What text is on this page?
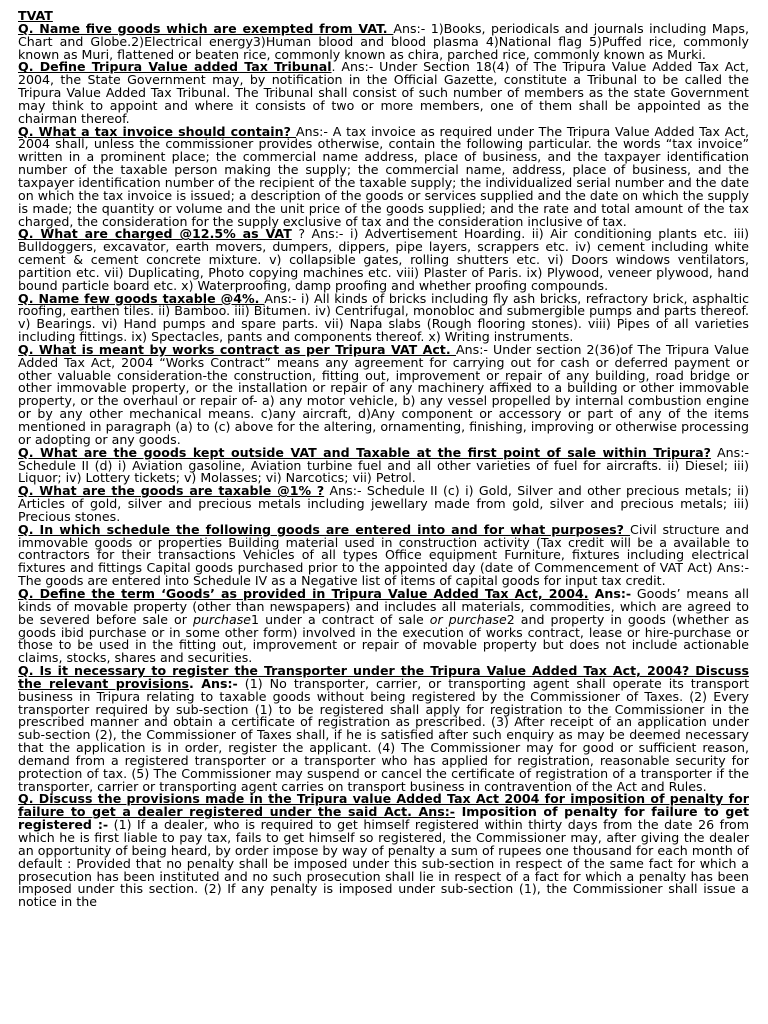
TVAT

Q. Name five goods which are exempted from VAT. Ans:- 1)Books, periodicals and journals including Maps, Chart and Globe.2)Electrical energy3)Human blood and blood plasma 4)National flag 5)Puffed rice, commonly known as Muri, flattened or beaten rice, commonly known as chira, parched rice, commonly known as Murki.

Q. Define Tripura Value added Tax Tribunal. Ans:- Under Section 18(4) of The Tripura Value Added Tax Act, 2004, the State Government may, by notification in the Official Gazette, constitute a Tribunal to be called the Tripura Value Added Tax Tribunal. The Tribunal shall consist of such number of members as the state Government may think to appoint and where it consists of two or more members, one of them shall be appointed as the chairman thereof.

Q. What a tax invoice should contain? Ans:- A tax invoice as required under The Tripura Value Added Tax Act, 2004 shall, unless the commissioner provides otherwise, contain the following particular. the words “tax invoice” written in a prominent place; the commercial name address, place of business, and the taxpayer identification number of the taxable person making the supply; the commercial name, address, place of business, and the taxpayer identification number of the recipient of the taxable supply; the individualized serial number and the date on which the tax invoice is issued; a description of the goods or services supplied and the date on which the supply is made; the quantity or volume and the unit price of the goods supplied; and the rate and total amount of the tax charged, the consideration for the supply exclusive of tax and the consideration inclusive of tax.

Q. What are charged @12.5% as VAT ? Ans:- i) Advertisement Hoarding. ii) Air conditioning plants etc. iii) Bulldoggers, excavator, earth movers, dumpers, dippers, pipe layers, scrappers etc. iv) cement including white cement & cement concrete mixture. v) collapsible gates, rolling shutters etc. vi) Doors windows ventilators, partition etc. vii) Duplicating, Photo copying machines etc. viii) Plaster of Paris. ix) Plywood, veneer plywood, hand bound particle board etc. x) Waterproofing, damp proofing and whether proofing compounds.

Q. Name few goods taxable @4%. Ans:- i) All kinds of bricks including fly ash bricks, refractory brick, asphaltic roofing, earthen tiles. ii) Bamboo. iii) Bitumen. iv) Centrifugal, monobloc and submergible pumps and parts thereof. v) Bearings. vi) Hand pumps and spare parts. vii) Napa slabs (Rough flooring stones). viii) Pipes of all varieties including fittings. ix) Spectacles, pants and components thereof. x) Writing instruments.

Q. What is meant by works contract as per Tripura VAT Act. Ans:- Under section 2(36)of The Tripura Value Added Tax Act, 2004 “Works Contract” means any agreement for carrying out for cash or deferred payment or other valuable consideration-the construction, fitting out, improvement or repair of any building, road bridge or other immovable property, or the installation or repair of any machinery affixed to a building or other immovable property, or the overhaul or repair of- a) any motor vehicle, b) any vessel propelled by internal combustion engine or by any other mechanical means. c)any aircraft, d)Any component or accessory or part of any of the items mentioned in paragraph (a) to (c) above for the altering, ornamenting, finishing, improving or otherwise processing or adopting or any goods.

Q. What are the goods kept outside VAT and Taxable at the first point of sale within Tripura? Ans:- Schedule II (d) i) Aviation gasoline, Aviation turbine fuel and all other varieties of fuel for aircrafts. ii) Diesel; iii) Liquor; iv) Lottery tickets; v) Molasses; vi) Narcotics; vii) Petrol.

Q. What are the goods are taxable @1% ? Ans:- Schedule II (c) i) Gold, Silver and other precious metals; ii) Articles of gold, silver and precious metals including jewellary made from gold, silver and precious metals; iii) Precious stones.

Q. In which schedule the following goods are entered into and for what purposes? Civil structure and immovable goods or properties Building material used in construction activity (Tax credit will be a available to contractors for their transactions Vehicles of all types Office equipment Furniture, fixtures including electrical fixtures and fittings Capital goods purchased prior to the appointed day (date of Commencement of VAT Act) Ans:- The goods are entered into Schedule IV as a Negative list of items of capital goods for input tax credit.

Q. Define the term ‘Goods’ as provided in Tripura Value Added Tax Act, 2004. Ans:- Goods’ means all kinds of movable property (other than newspapers) and includes all materials, commodities, which are agreed to be severed before sale or purchase1 under a contract of sale or purchase2 and property in goods (whether as goods ibid purchase or in some other form) involved in the execution of works contract, lease or hire-purchase or those to be used in the fitting out, improvement or repair of movable property but does not include actionable claims, stocks, shares and securities.

Q. Is it necessary to register the Transporter under the Tripura Value Added Tax Act, 2004? Discuss the relevant provisions. Ans:- (1) No transporter, carrier, or transporting agent shall operate its transport business in Tripura relating to taxable goods without being registered by the Commissioner of Taxes. (2) Every transporter required by sub-section (1) to be registered shall apply for registration to the Commissioner in the prescribed manner and obtain a certificate of registration as prescribed. (3) After receipt of an application under sub-section (2), the Commissioner of Taxes shall, if he is satisfied after such enquiry as may be deemed necessary that the application is in order, register the applicant. (4) The Commissioner may for good or sufficient reason, demand from a registered transporter or a transporter who has applied for registration, reasonable security for protection of tax. (5) The Commissioner may suspend or cancel the certificate of registration of a transporter if the transporter, carrier or transporting agent carries on transport business in contravention of the Act and Rules.

Q. Discuss the provisions made in the Tripura value Added Tax Act 2004 for imposition of penalty for failure to get a dealer registered under the said Act. Ans:- Imposition of penalty for failure to get registered :- (1) If a dealer, who is required to get himself registered within thirty days from the date 26 from which he is first liable to pay tax, fails to get himself so registered, the Commissioner may, after giving the dealer an opportunity of being heard, by order impose by way of penalty a sum of rupees one thousand for each month of default : Provided that no penalty shall be imposed under this sub-section in respect of the same fact for which a prosecution has been instituted and no such prosecution shall lie in respect of a fact for which a penalty has been imposed under this section. (2) If any penalty is imposed under sub-section (1), the Commissioner shall issue a notice in the
